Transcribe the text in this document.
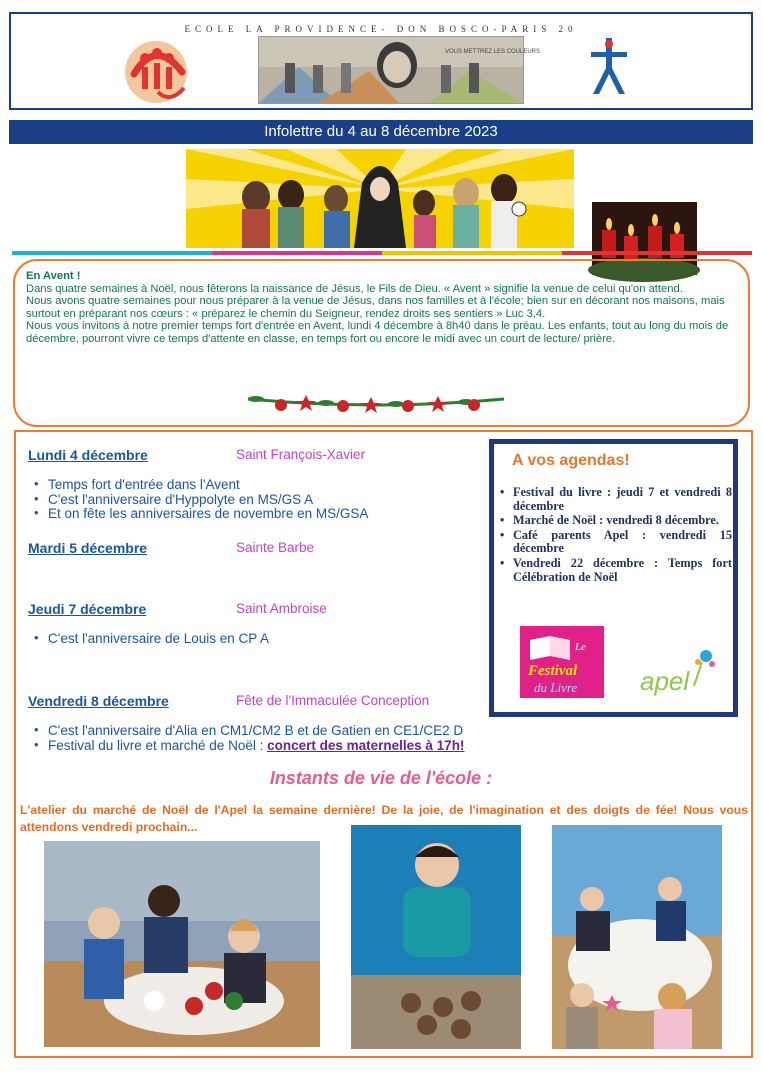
ECOLE LA PROVIDENCE- DON BOSCO-PARIS 20
VOUS METTREZ LES COULEURS
Infolettre du 4 au 8 décembre 2023

En Avent !

Dans quatre semaines à Noël, nous fêterons la naissance de Jésus, le Fils de Dieu. « Avent » signifie la venue de celui qu'on attend.

Nous avons quatre semaines pour nous préparer à la venue de Jésus, dans nos familles et à l'école; bien sur en décorant nos maisons, mais surtout en préparant nos cœurs : « préparez le chemin du Seigneur, rendez droits ses sentiers » Luc 3,4.

Nous vous invitons à notre premier temps fort d'entrée en Avent, lundi 4 décembre à 8h40 dans le préau. Les enfants, tout au long du mois de décembre, pourront vivre ce temps d'attente en classe, en temps fort ou encore le midi avec un court de lecture/ prière.

Lundi 4 décembre	Saint François-Xavier
• Temps fort d'entrée dans l'Avent
• C'est l'anniversaire d'Hyppolyte en MS/GS A
• Et on fête les anniversaires de novembre en MS/GSA
Mardi 5 décembre	Sainte Barbe
Jeudi 7 décembre	Saint Ambroise
• C'est l'anniversaire de Louis en CP A
Vendredi 8 décembre	Fête de l'Immaculée Conception
• C'est l'anniversaire d'Alia en CM1/CM2 B et de Gatien en CE1/CE2 D
• Festival du livre et marché de Noël : concert des maternelles à 17h!
A vos agendas!
• Festival du livre : jeudi 7 et vendredi 8 décembre
• Marché de Noël : vendredi 8 décembre.
• Café parents Apel : vendredi 15 décembre
• Vendredi 22 décembre : Temps fort Célébration de Noël
Le
Festival
du Livre apel
Instants de vie de l'école :
L'atelier du marché de Noël de l'Apel la semaine dernière! De la joie, de l'imagination et des doigts de fée! Nous vous attendons vendredi prochain...
